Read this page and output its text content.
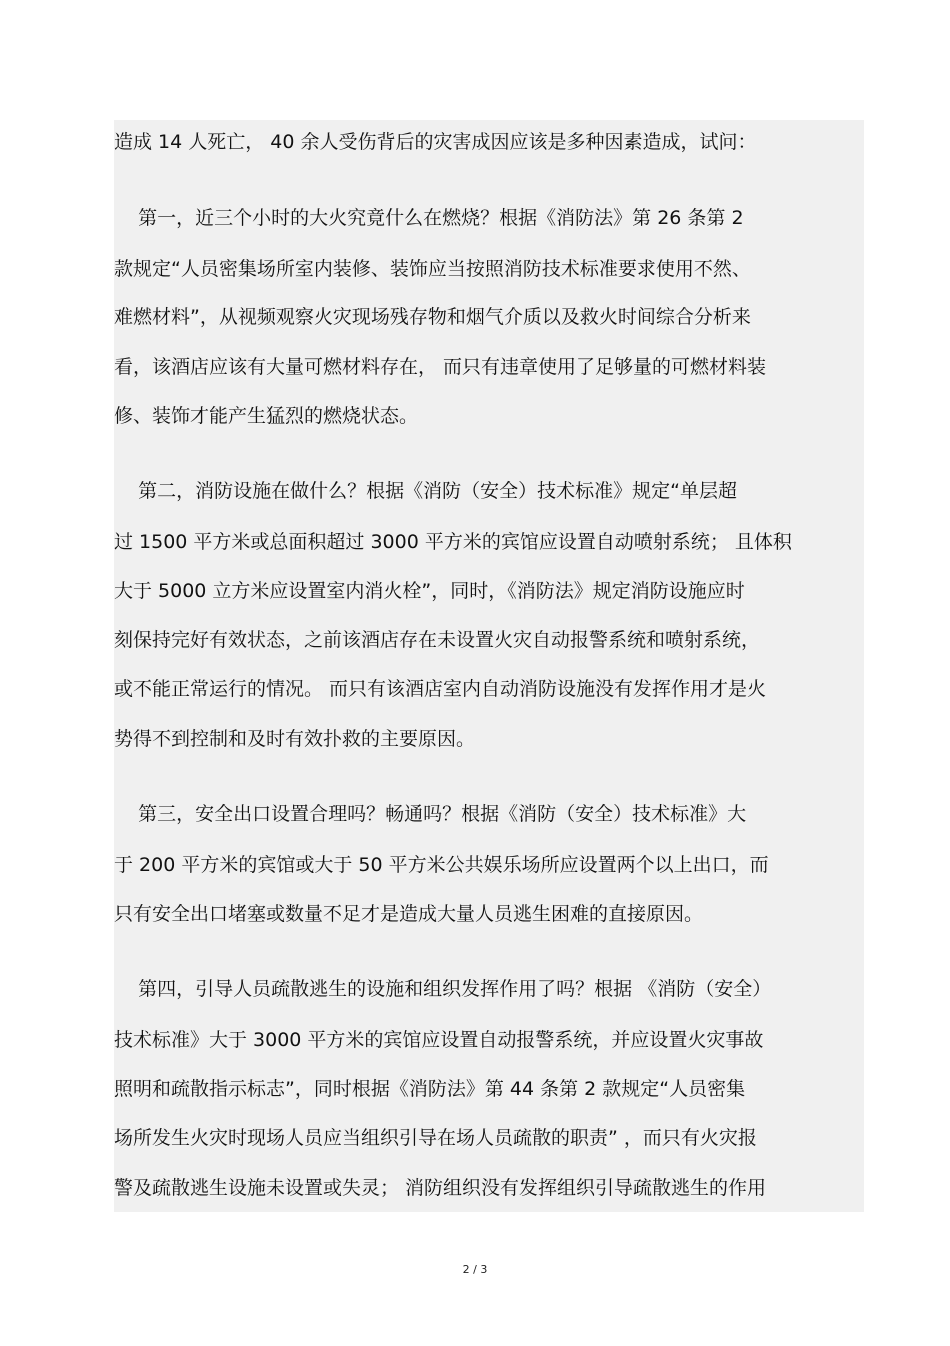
造成 14 人死亡， 40 余人受伤背后的灾害成因应该是多种因素造成，试问：
第一，近三个小时的大火究竟什么在燃烧？根据《消防法》第 26 条第 2
款规定“人员密集场所室内装修、装饰应当按照消防技术标准要求使用不然、
难燃材料”，从视频观察火灾现场残存物和烟气介质以及救火时间综合分析来
看，该酒店应该有大量可燃材料存在， 而只有违章使用了足够量的可燃材料装
修、装饰才能产生猛烈的燃烧状态。
第二，消防设施在做什么？根据《消防（安全）技术标准》规定“单层超
过 1500 平方米或总面积超过 3000 平方米的宾馆应设置自动喷射系统； 且体积
大于 5000 立方米应设置室内消火栓”，同时，《消防法》规定消防设施应时
刻保持完好有效状态，之前该酒店存在未设置火灾自动报警系统和喷射系统，
或不能正常运行的情况。 而只有该酒店室内自动消防设施没有发挥作用才是火
势得不到控制和及时有效扑救的主要原因。
第三，安全出口设置合理吗？畅通吗？根据《消防（安全）技术标准》大
于 200 平方米的宾馆或大于 50 平方米公共娱乐场所应设置两个以上出口，而
只有安全出口堵塞或数量不足才是造成大量人员逃生困难的直接原因。
第四，引导人员疏散逃生的设施和组织发挥作用了吗？根据 《消防（安全）
技术标准》大于 3000 平方米的宾馆应设置自动报警系统，并应设置火灾事故
照明和疏散指示标志”，同时根据《消防法》第 44 条第 2 款规定“人员密集
场所发生火灾时现场人员应当组织引导在场人员疏散的职责” ，而只有火灾报
警及疏散逃生设施未设置或失灵； 消防组织没有发挥组织引导疏散逃生的作用
2 / 3
